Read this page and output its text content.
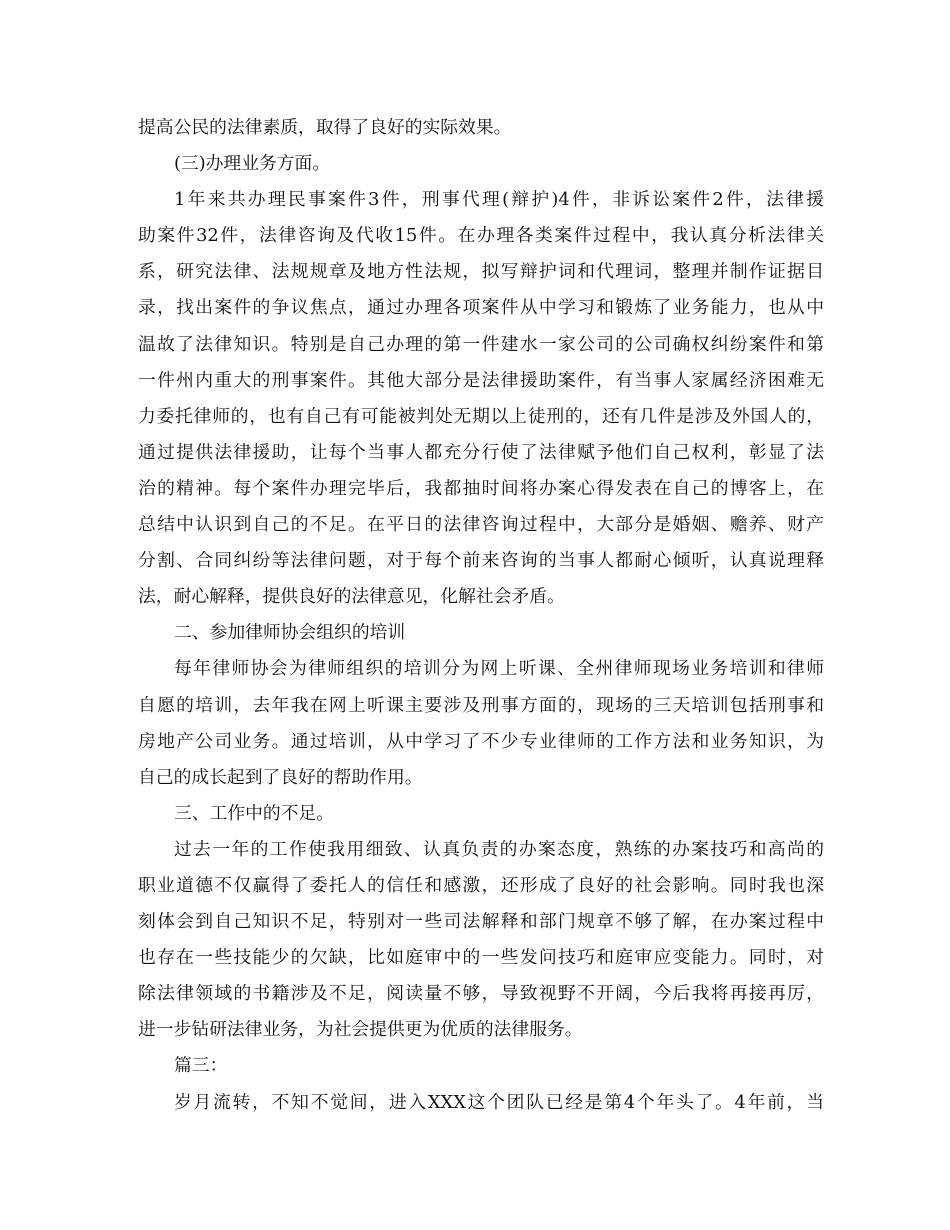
提高公民的法律素质，取得了良好的实际效果。
(三)办理业务方面。
1年来共办理民事案件3件，刑事代理(辩护)4件，非诉讼案件2件，法律援
助案件32件，法律咨询及代收15件。在办理各类案件过程中，我认真分析法律关
系，研究法律、法规规章及地方性法规，拟写辩护词和代理词，整理并制作证据目
录，找出案件的争议焦点，通过办理各项案件从中学习和锻炼了业务能力，也从中
温故了法律知识。特别是自己办理的第一件建水一家公司的公司确权纠纷案件和第
一件州内重大的刑事案件。其他大部分是法律援助案件，有当事人家属经济困难无
力委托律师的，也有自己有可能被判处无期以上徒刑的，还有几件是涉及外国人的，
通过提供法律援助，让每个当事人都充分行使了法律赋予他们自己权利，彰显了法
治的精神。每个案件办理完毕后，我都抽时间将办案心得发表在自己的博客上，在
总结中认识到自己的不足。在平日的法律咨询过程中，大部分是婚姻、赡养、财产
分割、合同纠纷等法律问题，对于每个前来咨询的当事人都耐心倾听，认真说理释
法，耐心解释，提供良好的法律意见，化解社会矛盾。
二、参加律师协会组织的培训
每年律师协会为律师组织的培训分为网上听课、全州律师现场业务培训和律师
自愿的培训，去年我在网上听课主要涉及刑事方面的，现场的三天培训包括刑事和
房地产公司业务。通过培训，从中学习了不少专业律师的工作方法和业务知识，为
自己的成长起到了良好的帮助作用。
三、工作中的不足。
过去一年的工作使我用细致、认真负责的办案态度，熟练的办案技巧和高尚的
职业道德不仅赢得了委托人的信任和感激，还形成了良好的社会影响。同时我也深
刻体会到自己知识不足，特别对一些司法解释和部门规章不够了解，在办案过程中
也存在一些技能少的欠缺，比如庭审中的一些发问技巧和庭审应变能力。同时，对
除法律领域的书籍涉及不足，阅读量不够，导致视野不开阔，今后我将再接再厉，
进一步钻研法律业务，为社会提供更为优质的法律服务。
篇三：
岁月流转，不知不觉间，进入XXX这个团队已经是第4个年头了。4年前，当
